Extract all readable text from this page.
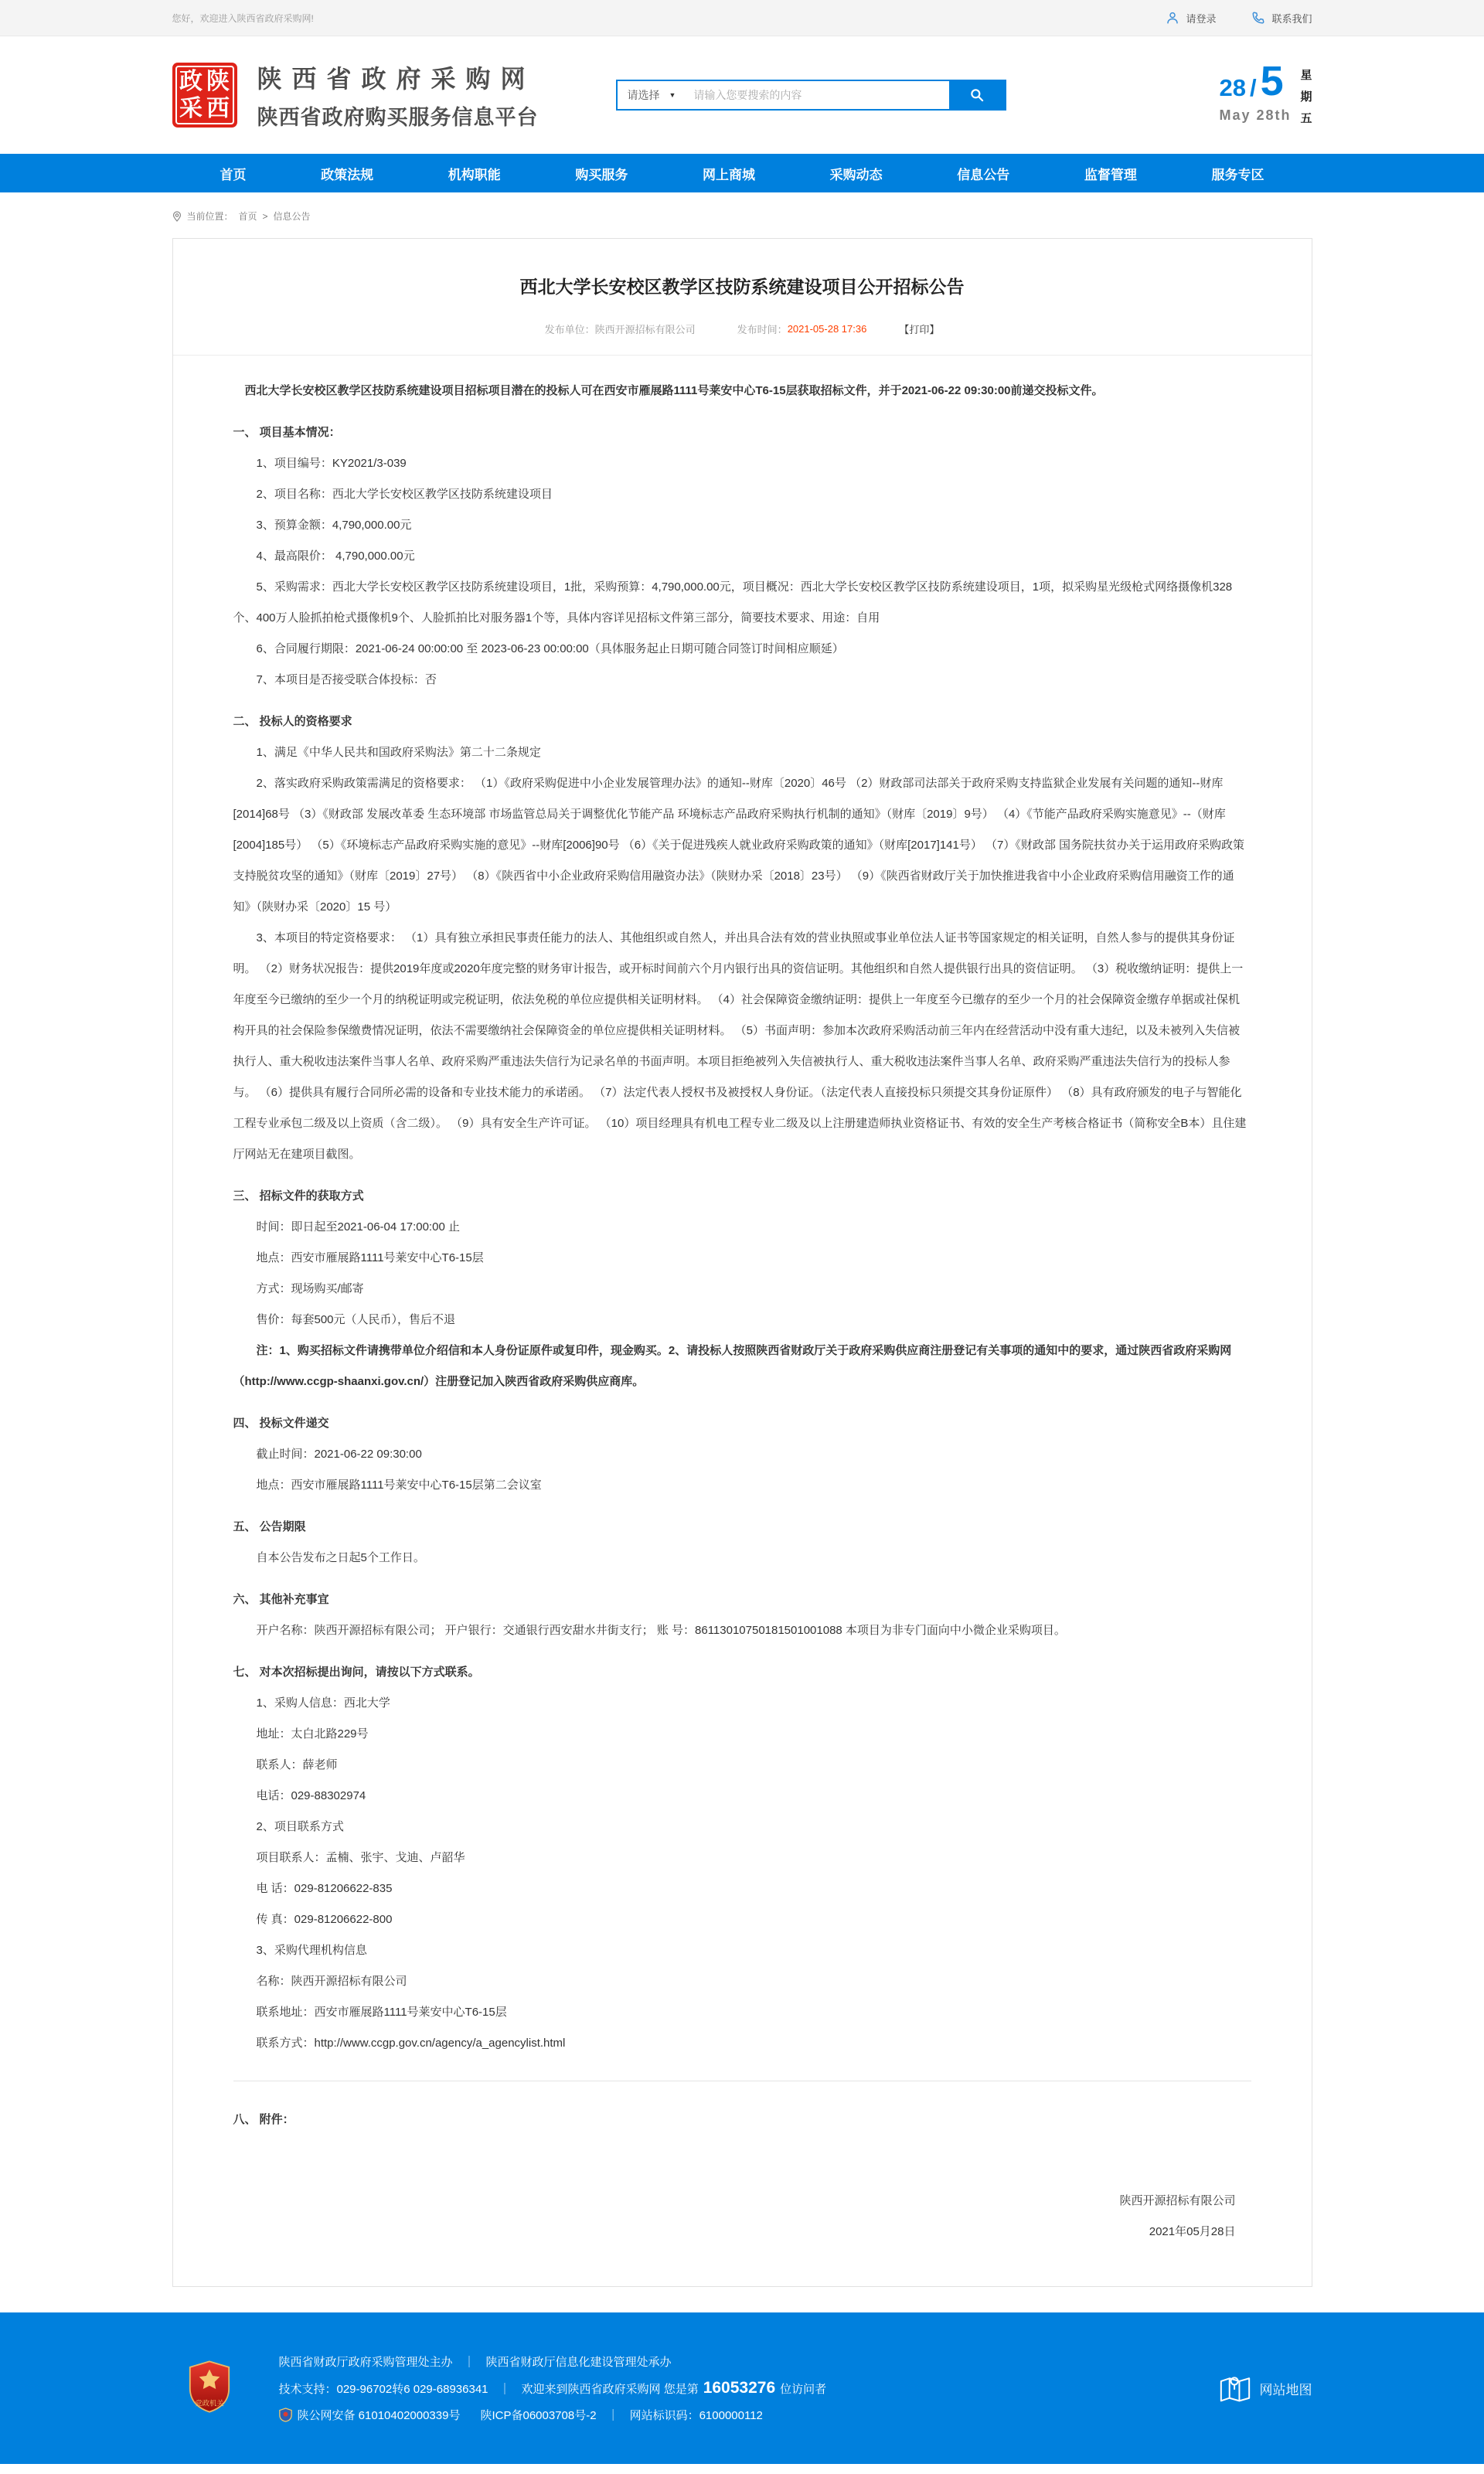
您好，欢迎进入陕西省政府采购网!	请登录	联系我们
政 陕
采 西
陕西省政府采购网
陕西省政府购买服务信息平台
请选择 ▼
请输入您要搜索的内容	28 / 5
May 28th
星
期
五
首页	政策法规	机构职能	购买服务	网上商城	采购动态	信息公告	监督管理	服务专区
当前位置： 首页 > 信息公告
西北大学长安校区教学区技防系统建设项目公开招标公告
发布单位： 陕西开源招标有限公司	发布时间： 2021-05-28 17:36	【打印】
西北大学长安校区教学区技防系统建设项目招标项目潜在的投标人可在西安市雁展路1111号莱安中心T6-15层获取招标文件，并于2021-06-22 09:30:00前递交投标文件。
一、 项目基本情况：
1、项目编号：KY2021/3-039
2、项目名称：西北大学长安校区教学区技防系统建设项目
3、预算金额：4,790,000.00元
4、最高限价： 4,790,000.00元
5、采购需求：西北大学长安校区教学区技防系统建设项目，1批，采购预算：4,790,000.00元，项目概况：西北大学长安校区教学区技防系统建设项目，1项，拟采购星光级枪式网络摄像机328个、400万人脸抓拍枪式摄像机9个、人脸抓拍比对服务器1个等，具体内容详见招标文件第三部分，简要技术要求、用途：自用
6、合同履行期限：2021-06-24 00:00:00 至 2023-06-23 00:00:00（具体服务起止日期可随合同签订时间相应顺延）
7、本项目是否接受联合体投标：否
二、 投标人的资格要求
1、满足《中华人民共和国政府采购法》第二十二条规定
2、落实政府采购政策需满足的资格要求： （1）《政府采购促进中小企业发展管理办法》的通知--财库〔2020〕46号 （2）财政部司法部关于政府采购支持监狱企业发展有关问题的通知--财库[2014]68号 （3）《财政部 发展改革委 生态环境部 市场监管总局关于调整优化节能产品 环境标志产品政府采购执行机制的通知》（财库〔2019〕9号） （4）《节能产品政府采购实施意见》--（财库[2004]185号） （5）《环境标志产品政府采购实施的意见》--财库[2006]90号 （6）《关于促进残疾人就业政府采购政策的通知》（财库[2017]141号） （7）《财政部 国务院扶贫办关于运用政府采购政策支持脱贫攻坚的通知》（财库〔2019〕27号） （8）《陕西省中小企业政府采购信用融资办法》（陕财办采〔2018〕23号） （9）《陕西省财政厅关于加快推进我省中小企业政府采购信用融资工作的通知》（陕财办采〔2020〕15 号）
3、本项目的特定资格要求： （1）具有独立承担民事责任能力的法人、其他组织或自然人，并出具合法有效的营业执照或事业单位法人证书等国家规定的相关证明，自然人参与的提供其身份证明。 （2）财务状况报告：提供2019年度或2020年度完整的财务审计报告，或开标时间前六个月内银行出具的资信证明。其他组织和自然人提供银行出具的资信证明。 （3）税收缴纳证明：提供上一年度至今已缴纳的至少一个月的纳税证明或完税证明，依法免税的单位应提供相关证明材料。 （4）社会保障资金缴纳证明：提供上一年度至今已缴存的至少一个月的社会保障资金缴存单据或社保机构开具的社会保险参保缴费情况证明，依法不需要缴纳社会保障资金的单位应提供相关证明材料。 （5）书面声明：参加本次政府采购活动前三年内在经营活动中没有重大违纪，以及未被列入失信被执行人、重大税收违法案件当事人名单、政府采购严重违法失信行为记录名单的书面声明。本项目拒绝被列入失信被执行人、重大税收违法案件当事人名单、政府采购严重违法失信行为的投标人参与。 （6）提供具有履行合同所必需的设备和专业技术能力的承诺函。 （7）法定代表人授权书及被授权人身份证。（法定代表人直接投标只须提交其身份证原件） （8）具有政府颁发的电子与智能化工程专业承包二级及以上资质（含二级）。 （9）具有安全生产许可证。 （10）项目经理具有机电工程专业二级及以上注册建造师执业资格证书、有效的安全生产考核合格证书（简称安全B本）且住建厅网站无在建项目截图。
三、 招标文件的获取方式
时间：即日起至2021-06-04 17:00:00 止
地点：西安市雁展路1111号莱安中心T6-15层
方式：现场购买/邮寄
售价：每套500元（人民币），售后不退
注：1、购买招标文件请携带单位介绍信和本人身份证原件或复印件，现金购买。2、请投标人按照陕西省财政厅关于政府采购供应商注册登记有关事项的通知中的要求，通过陕西省政府采购网（http://www.ccgp-shaanxi.gov.cn/）注册登记加入陕西省政府采购供应商库。
四、 投标文件递交
截止时间：2021-06-22 09:30:00
地点：西安市雁展路1111号莱安中心T6-15层第二会议室
五、 公告期限
自本公告发布之日起5个工作日。
六、 其他补充事宜
开户名称：陕西开源招标有限公司； 开户银行：交通银行西安甜水井街支行； 账 号：86113010750181501001088 本项目为非专门面向中小微企业采购项目。
七、 对本次招标提出询问，请按以下方式联系。
1、采购人信息：西北大学
地址：太白北路229号
联系人：薛老师
电话：029-88302974
2、项目联系方式
项目联系人：孟楠、张宇、戈迪、卢韶华
电 话：029-81206622-835
传 真：029-81206622-800
3、采购代理机构信息
名称：陕西开源招标有限公司
联系地址：西安市雁展路1111号莱安中心T6-15层
联系方式：http://www.ccgp.gov.cn/agency/a_agencylist.html
八、 附件：
陕西开源招标有限公司
2021年05月28日
党政机关
陕西省财政厅政府采购管理处主办 ｜ 陕西省财政厅信息化建设管理处承办
技术支持：029-96702转6 029-68936341 ｜ 欢迎来到陕西省政府采购网 您是第 16053276 位访问者
陕公网安备 61010402000339号 陕ICP备06003708号-2 ｜ 网站标识码：6100000112
网站地图
